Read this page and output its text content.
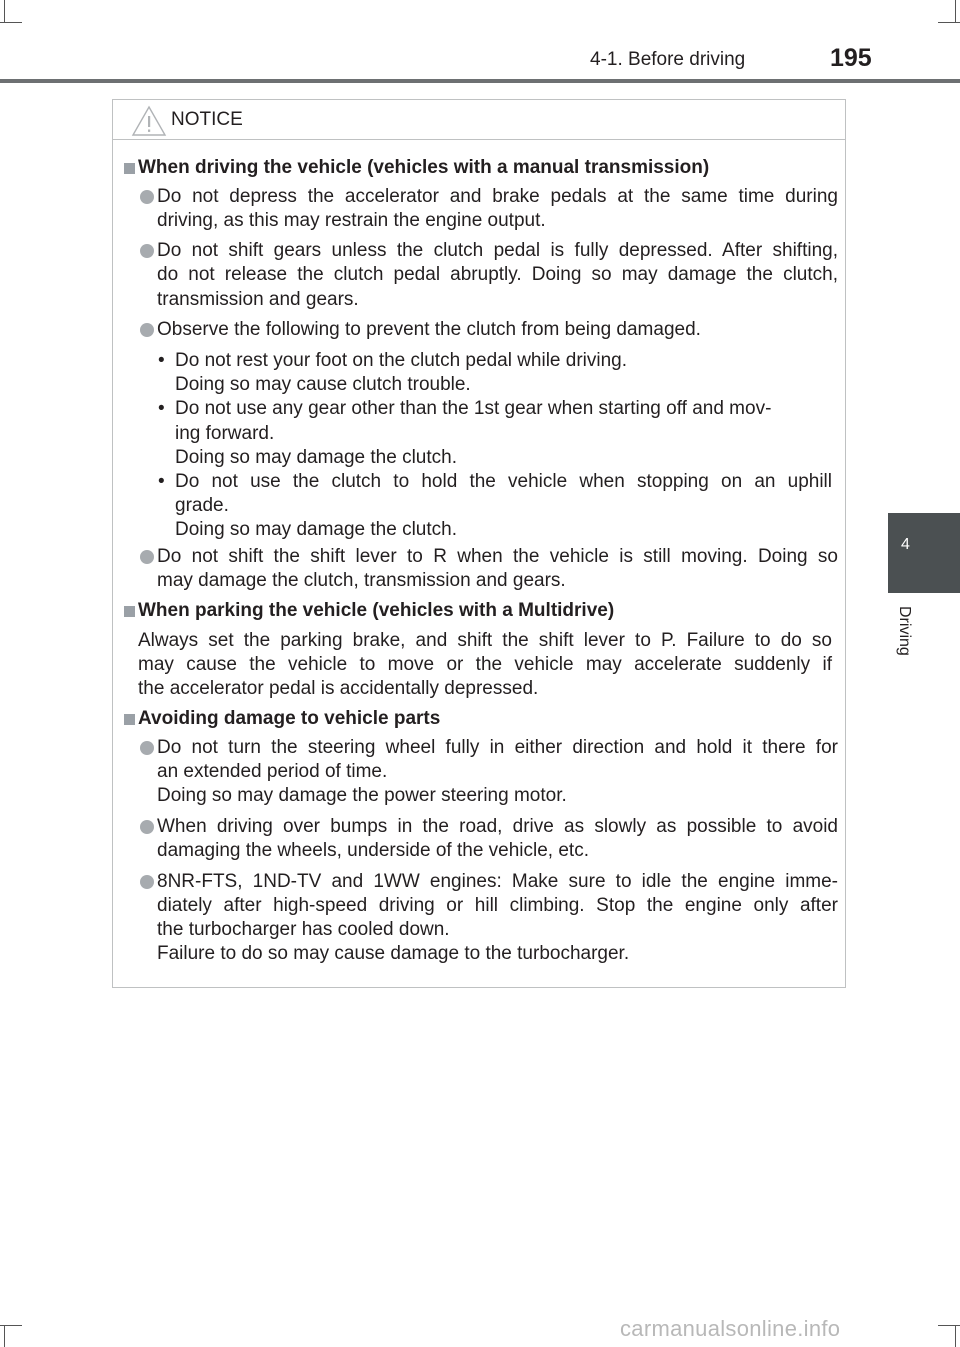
4-1. Before driving	195
4
Driving
NOTICE
When driving the vehicle (vehicles with a manual transmission)
Do not depress the accelerator and brake pedals at the same time during
driving, as this may restrain the engine output.
Do not shift gears unless the clutch pedal is fully depressed. After shifting,
do not release the clutch pedal abruptly. Doing so may damage the clutch,
transmission and gears.
Observe the following to prevent the clutch from being damaged.
• Do not rest your foot on the clutch pedal while driving.
Doing so may cause clutch trouble.
• Do not use any gear other than the 1st gear when starting off and mov-
ing forward.
Doing so may damage the clutch.
• Do not use the clutch to hold the vehicle when stopping on an uphill
grade.
Doing so may damage the clutch.
Do not shift the shift lever to R when the vehicle is still moving. Doing so
may damage the clutch, transmission and gears.
When parking the vehicle (vehicles with a Multidrive)
Always set the parking brake, and shift the shift lever to P. Failure to do so
may cause the vehicle to move or the vehicle may accelerate suddenly if
the accelerator pedal is accidentally depressed.
Avoiding damage to vehicle parts
Do not turn the steering wheel fully in either direction and hold it there for
an extended period of time.
Doing so may damage the power steering motor.
When driving over bumps in the road, drive as slowly as possible to avoid
damaging the wheels, underside of the vehicle, etc.
8NR-FTS, 1ND-TV and 1WW engines: Make sure to idle the engine imme-
diately after high-speed driving or hill climbing. Stop the engine only after
the turbocharger has cooled down.
Failure to do so may cause damage to the turbocharger.
carmanualsonline.info
